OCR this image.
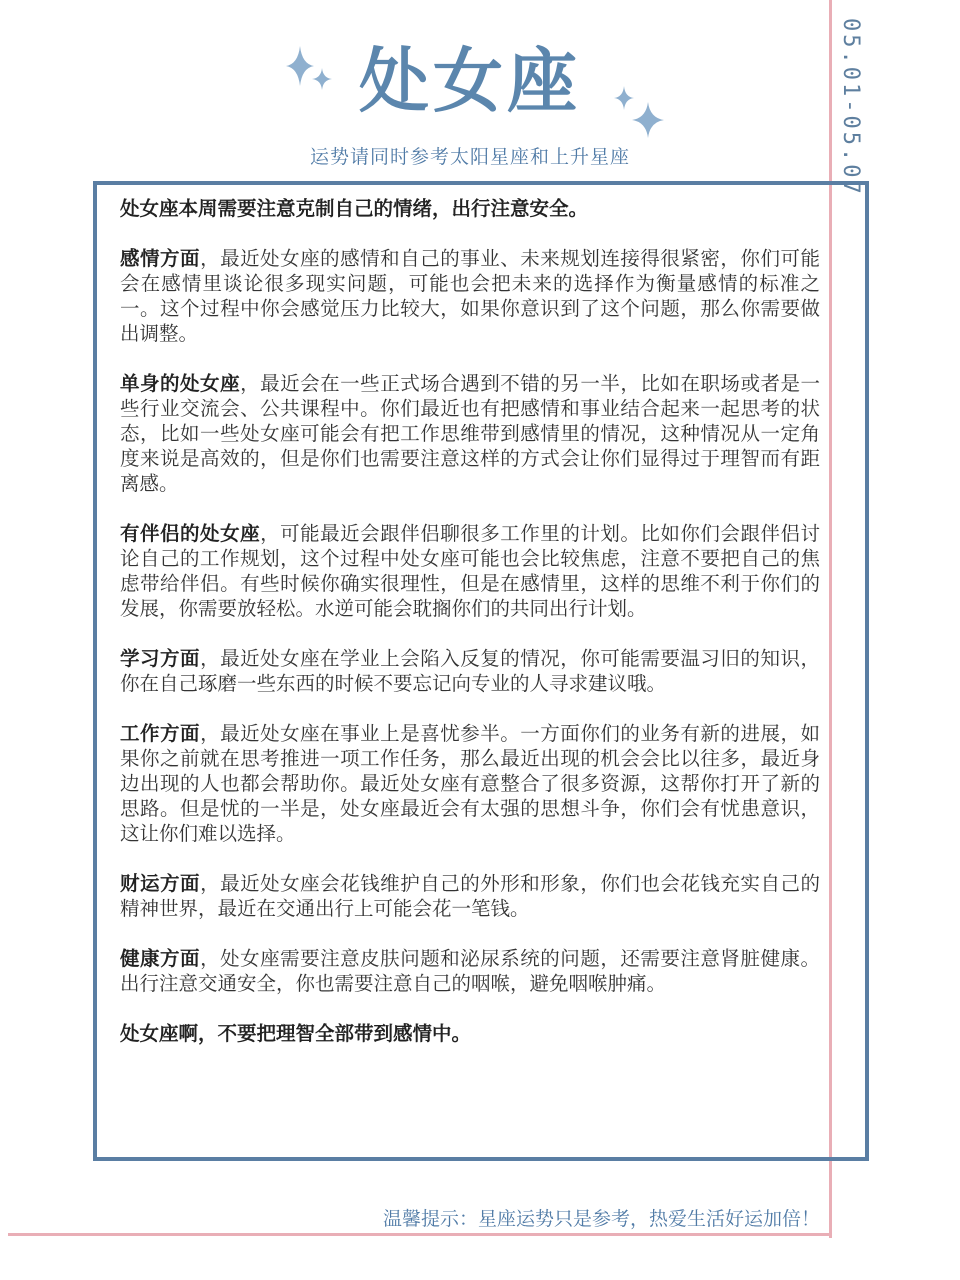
05.01-05.07
处女座
运势请同时参考太阳星座和上升星座

处女座本周需要注意克制自己的情绪，出行注意安全。

感情方面，最近处女座的感情和自己的事业、未来规划连接得很紧密，你们可能会在感情里谈论很多现实问题，可能也会把未来的选择作为衡量感情的标准之一。这个过程中你会感觉压力比较大，如果你意识到了这个问题，那么你需要做出调整。

单身的处女座，最近会在一些正式场合遇到不错的另一半，比如在职场或者是一些行业交流会、公共课程中。你们最近也有把感情和事业结合起来一起思考的状态，比如一些处女座可能会有把工作思维带到感情里的情况，这种情况从一定角度来说是高效的，但是你们也需要注意这样的方式会让你们显得过于理智而有距离感。

有伴侣的处女座，可能最近会跟伴侣聊很多工作里的计划。比如你们会跟伴侣讨论自己的工作规划，这个过程中处女座可能也会比较焦虑，注意不要把自己的焦虑带给伴侣。有些时候你确实很理性，但是在感情里，这样的思维不利于你们的发展，你需要放轻松。水逆可能会耽搁你们的共同出行计划。

学习方面，最近处女座在学业上会陷入反复的情况，你可能需要温习旧的知识，你在自己琢磨一些东西的时候不要忘记向专业的人寻求建议哦。

工作方面，最近处女座在事业上是喜忧参半。一方面你们的业务有新的进展，如果你之前就在思考推进一项工作任务，那么最近出现的机会会比以往多，最近身边出现的人也都会帮助你。最近处女座有意整合了很多资源，这帮你打开了新的思路。但是忧的一半是，处女座最近会有太强的思想斗争，你们会有忧患意识，这让你们难以选择。

财运方面，最近处女座会花钱维护自己的外形和形象，你们也会花钱充实自己的精神世界，最近在交通出行上可能会花一笔钱。

健康方面，处女座需要注意皮肤问题和泌尿系统的问题，还需要注意肾脏健康。出行注意交通安全，你也需要注意自己的咽喉，避免咽喉肿痛。

处女座啊，不要把理智全部带到感情中。

温馨提示：星座运势只是参考，热爱生活好运加倍！
